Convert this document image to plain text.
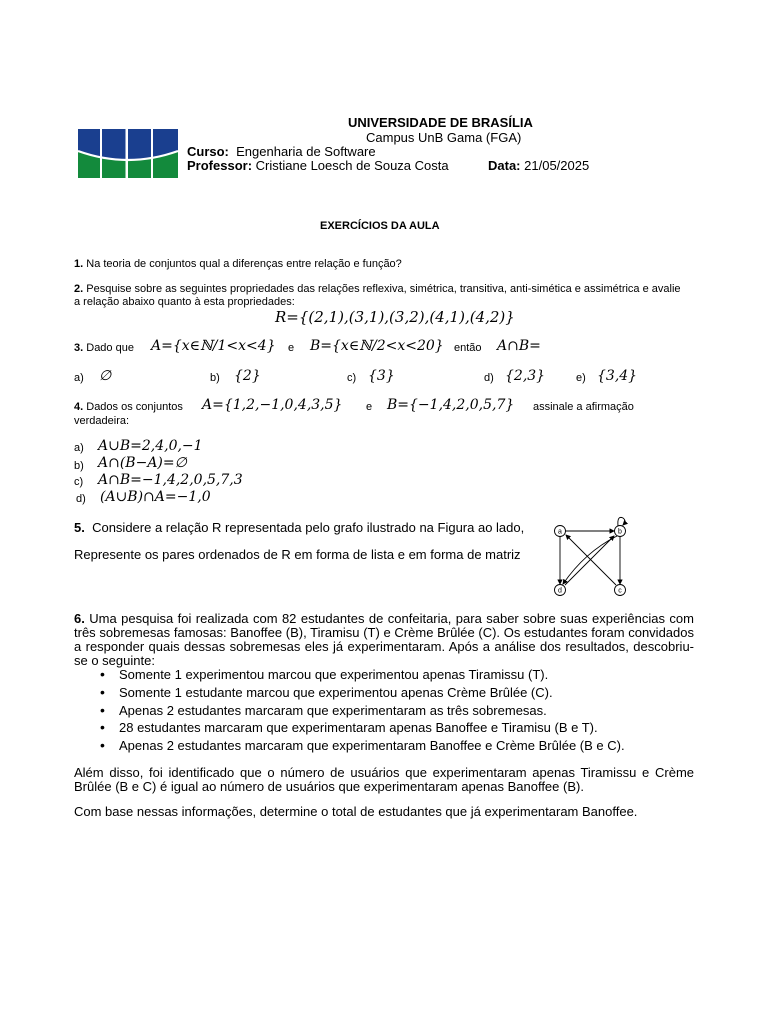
UNIVERSIDADE DE BRASÍLIA
Campus UnB Gama (FGA)
Curso: Engenharia de Software
Professor: Cristiane Loesch de Souza Costa	Data: 21/05/2025
EXERCÍCIOS DA AULA
1. Na teoria de conjuntos qual a diferenças entre relação e função?
2. Pesquise sobre as seguintes propriedades das relações reflexiva, simétrica, transitiva, anti-simética e assimétrica e avalie a relação abaixo quanto à esta propriedades:
R={(2,1),(3,1),(3,2),(4,1),(4,2)}
3. Dado que A={x∈ℕ/1<x<4} e B={x∈ℕ/2<x<20} então A∩B=
a) ∅	b) {2}	c) {3}	d) {2,3}	e) {3,4}
4. Dados os conjuntos A={1,2,−1,0,4,3,5} e B={−1,4,2,0,5,7} assinale a afirmação
verdadeira:
a) A∪B=2,4,0,−1
b) A∩(B−A)=∅
c) A∩B=−1,4,2,0,5,7,3
d) (A∪B)∩A=−1,0
5. Considere a relação R representada pelo grafo ilustrado na Figura ao lado,
Represente os pares ordenados de R em forma de lista e em forma de matriz
a	b
c
d
6. Uma pesquisa foi realizada com 82 estudantes de confeitaria, para saber sobre suas experiências com três sobremesas famosas: Banoffee (B), Tiramisu (T) e Crème Brûlée (C). Os estudantes foram convidados a responder quais dessas sobremesas eles já experimentaram. Após a análise dos resultados, descobriu-se o seguinte:
• Somente 1 experimentou marcou que experimentou apenas Tiramissu (T).
• Somente 1 estudante marcou que experimentou apenas Crème Brûlée (C).
• Apenas 2 estudantes marcaram que experimentaram as três sobremesas.
• 28 estudantes marcaram que experimentaram apenas Banoffee e Tiramisu (B e T).
• Apenas 2 estudantes marcaram que experimentaram Banoffee e Crème Brûlée (B e C).
Além disso, foi identificado que o número de usuários que experimentaram apenas Tiramissu e Crème Brûlée (B e C) é igual ao número de usuários que experimentaram apenas Banoffee (B).
Com base nessas informações, determine o total de estudantes que já experimentaram Banoffee.
